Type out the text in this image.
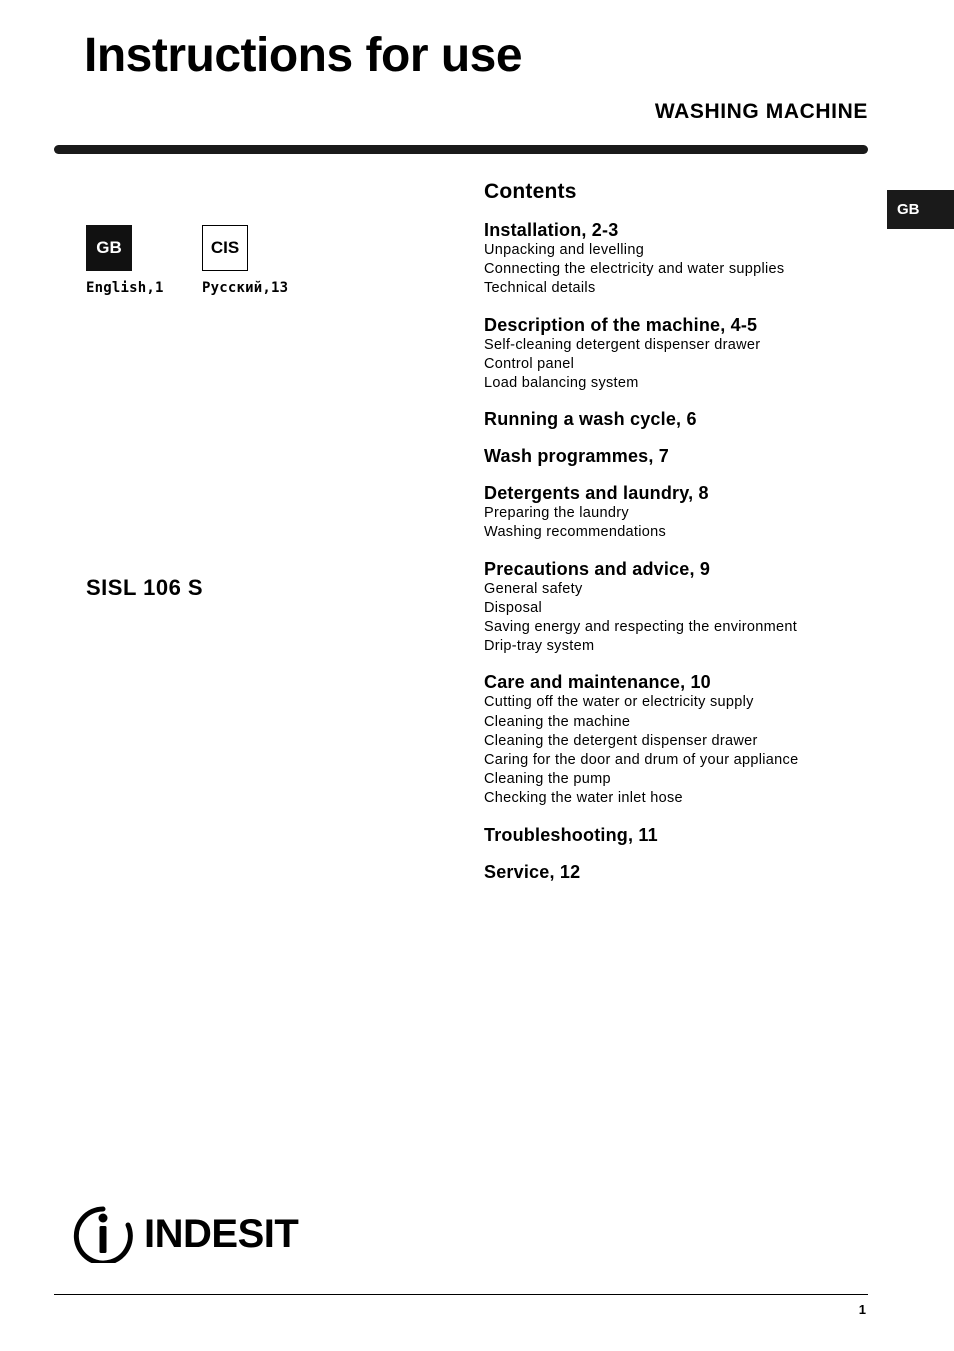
Instructions for use
WASHING MACHINE
GB
GB	CIS
English,1	Русский,13
SISL 106 S
Contents
Installation, 2-3
Unpacking and levelling
Connecting the electricity and water supplies
Technical details
Description of the machine, 4-5
Self-cleaning detergent dispenser drawer
Control panel
Load balancing system
Running a wash cycle, 6
Wash programmes, 7
Detergents and laundry, 8
Preparing the laundry
Washing recommendations
Precautions and advice, 9
General safety
Disposal
Saving energy and respecting the environment
Drip-tray system
Care and maintenance, 10
Cutting off the water or electricity supply
Cleaning the machine
Cleaning the detergent dispenser drawer
Caring for the door and drum of your appliance
Cleaning the pump
Checking the water inlet hose
Troubleshooting, 11
Service, 12
INDESIT
1
